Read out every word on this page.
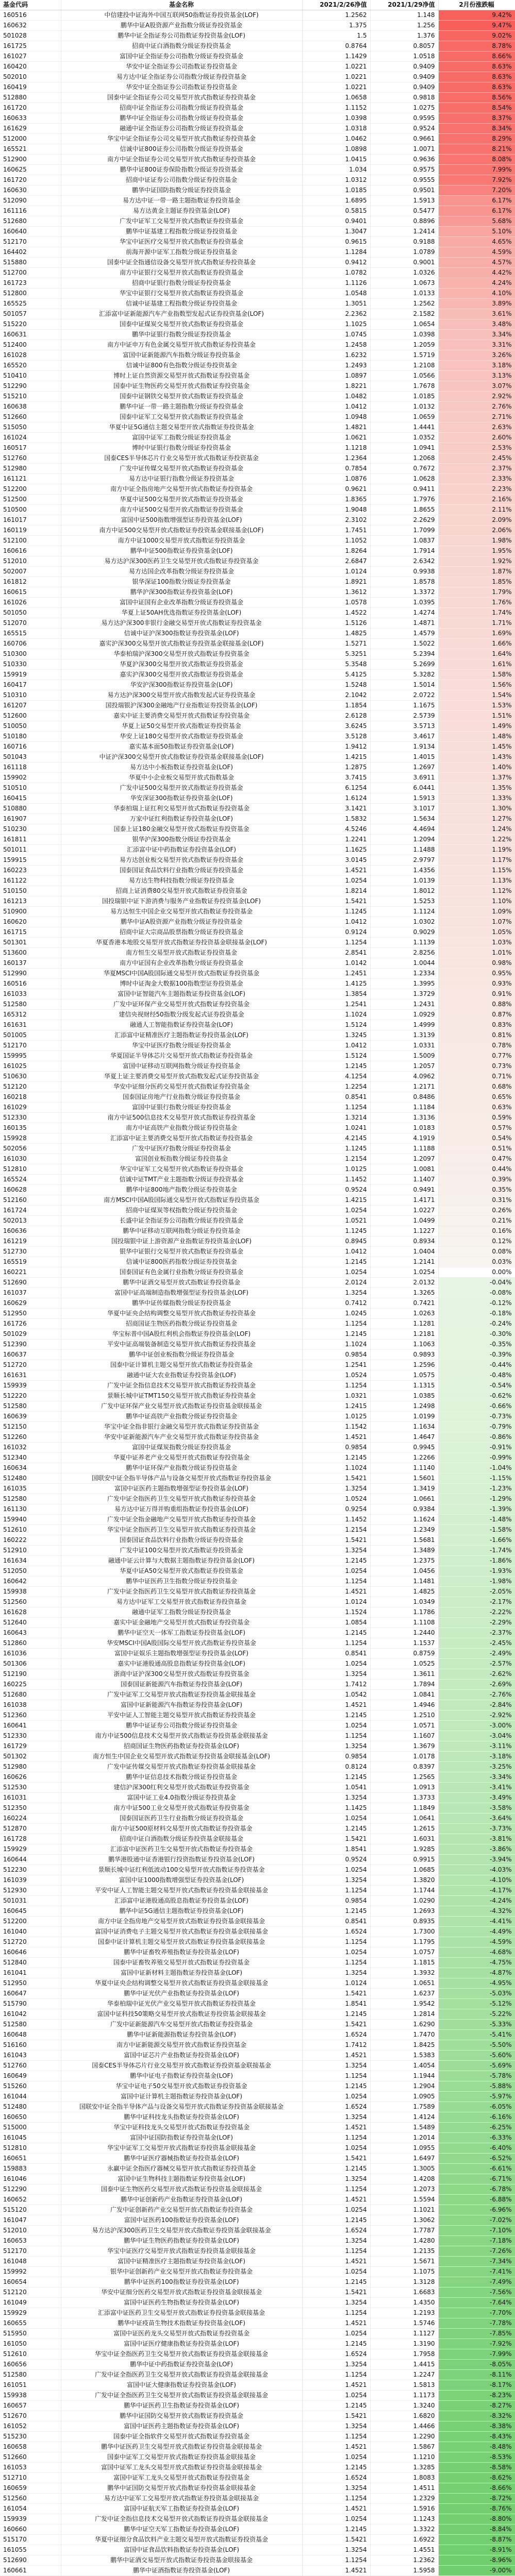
基金代码	基金名称	2021/2/26净值	2021/1/29净值	2月份涨跌幅
160516	中信建投中证海外中国互联网50指数证券投资基金(LOF)	1.2562	1.148	9.42%
160632	鹏华中证A股资源产业指数分级证券投资基金	1.375	1.256	9.47%
501028	鹏华中证全指证券公司指数证券投资基金(LOF)	1.5	1.376	9.02%
161725	招商中证白酒指数分级证券投资基金	0.8764	0.8057	8.78%
161027	富国中证全指证券公司指数分级证券投资基金	1.1429	1.0518	8.66%
160420	华安中证全指证券公司指数证券投资基金	1.0221	0.9409	8.63%
502010	易方达中证全指证券公司指数分级证券投资基金	1.0221	0.9409	8.63%
160419	华安中证全指证券公司指数证券投资基金	1.0221	0.9409	8.63%
512880	国泰中证全指证券公司交易型开放式指数证券投资基金	1.0658	0.9818	8.56%
161720	招商中证全指证券公司指数分级证券投资基金	1.1152	1.0275	8.54%
160633	鹏华中证全指证券公司指数分级证券投资基金	1.0398	0.9595	8.37%
161629	融通中证全指证券公司指数分级证券投资基金	1.0318	0.9524	8.34%
512000	华宝中证全指证券公司交易型开放式指数证券投资基金	1.0462	0.9661	8.29%
165521	信诚中证800证券公司指数分级证券投资基金	1.0898	1.0071	8.21%
512900	南方中证全指证券公司交易型开放式指数证券投资基金	1.0415	0.9636	8.08%
160625	鹏华中证800证券保险指数分级证券投资基金	1.034	0.9575	7.99%
161720	招商中证证券公司指数分级证券投资基金	1.0312	0.9555	7.92%
160630	鹏华中证国防指数分级证券投资基金	1.0185	0.9501	7.20%
512090	易方达中证一带一路主题指数证券投资基金	1.6895	1.5913	6.17%
161116	易方达黄金主题证券投资基金(LOF)	0.5815	0.5477	6.17%
512680	广发中证军工交易型开放式指数证券投资基金	0.9401	0.8896	5.68%
160640	鹏华中证基建工程指数分级证券投资基金	1.3047	1.2414	5.10%
512170	华宝中证医疗交易型开放式指数证券投资基金	0.9615	0.9188	4.65%
164402	前海开源中证军工指数分级证券投资基金	1.1284	1.0789	4.59%
515880	国泰中证全指通信设备交易型开放式指数证券投资基金	0.9412	0.9001	4.57%
512700	南方中证银行交易型开放式指数证券投资基金	1.0782	1.0326	4.42%
161723	招商中证银行指数分级证券投资基金	1.1126	1.0673	4.24%
512800	华宝中证银行交易型开放式指数证券投资基金	1.0548	1.0133	4.10%
165525	信诚中证基建工程指数分级证券投资基金	1.3051	1.2562	3.89%
501057	汇添富中证新能源汽车产业指数型发起式证券投资基金(LOF)	2.2362	2.1582	3.61%
515220	国泰中证煤炭交易型开放式指数证券投资基金	1.1025	1.0654	3.48%
160631	鹏华中证银行指数分级证券投资基金	1.0745	1.0398	3.34%
512400	南方中证申万有色金属交易型开放式指数证券投资基金	1.2458	1.2059	3.31%
161028	富国中证新能源汽车指数分级证券投资基金	1.6232	1.5719	3.26%
165520	信诚中证800有色指数分级证券投资基金	1.2493	1.2108	3.18%
510410	博时上证自然资源交易型开放式指数证券投资基金	1.0897	1.0566	3.13%
512290	国泰中证生物医药交易型开放式指数证券投资基金	1.8221	1.7678	3.07%
515210	国泰中证钢铁交易型开放式指数证券投资基金	1.0482	1.0185	2.92%
160638	鹏华中证一带一路主题指数分级证券投资基金	1.0412	1.0132	2.76%
512660	国泰中证军工交易型开放式指数证券投资基金	1.0948	1.0659	2.71%
515050	华夏中证5G通信主题交易型开放式指数证券投资基金	1.4821	1.4441	2.63%
161024	富国中证军工指数分级证券投资基金	1.0621	1.0352	2.60%
160517	博时中证银行指数分级证券投资基金	1.1218	1.0941	2.53%
512760	国泰CES半导体芯片行业交易型开放式指数证券投资基金	1.2364	1.2068	2.45%
512980	广发中证传媒交易型开放式指数证券投资基金	0.7854	0.7672	2.37%
161121	易方达中证银行指数分级证券投资基金	1.0876	1.0628	2.33%
512200	南方中证全指房地产交易型开放式指数证券投资基金	0.9621	0.9411	2.23%
512500	华夏中证500交易型开放式指数证券投资基金	1.8365	1.7976	2.16%
510500	南方中证500交易型开放式指数证券投资基金	1.9048	1.8655	2.11%
161017	富国中证500指数增强型证券投资基金(LOF)	2.3102	2.2629	2.09%
160119	南方中证500交易型开放式指数证券投资基金联接基金(LOF)	1.7451	1.7099	2.06%
512100	南方中证1000交易型开放式指数证券投资基金	1.1052	1.0837	1.98%
160616	鹏华中证500指数证券投资基金(LOF)	1.8264	1.7914	1.95%
512010	易方达沪深300医药卫生交易型开放式指数证券投资基金	2.6847	2.6342	1.92%
502007	易方达国企改革指数分级证券投资基金	1.0124	0.9938	1.87%
161812	银华深证100指数分级证券投资基金	1.8921	1.8578	1.85%
160615	鹏华沪深300指数证券投资基金(LOF)	1.3612	1.3372	1.79%
161026	富国中证国有企业改革指数分级证券投资基金	1.0578	1.0395	1.76%
501050	华夏上证50AH优选指数证券投资基金(LOF)	1.4522	1.4274	1.74%
512070	易方达沪深300非银行金融交易型开放式指数证券投资基金	1.5126	1.4871	1.71%
165515	信诚中证沪深300指数证券投资基金(LOF)	1.4825	1.4579	1.69%
160706	嘉实沪深300交易型开放式指数证券投资基金联接基金(LOF)	1.5271	1.5022	1.66%
510300	华泰柏瑞沪深300交易型开放式指数证券投资基金	5.3251	5.2394	1.64%
510330	华夏沪深300交易型开放式指数证券投资基金	5.3548	5.2699	1.61%
159919	嘉实沪深300交易型开放式指数证券投资基金	5.4125	5.3282	1.58%
160417	华安沪深300指数证券投资基金(LOF)	1.5248	1.5014	1.56%
510310	易方达沪深300交易型开放式指数发起式证券投资基金	2.1042	2.0722	1.54%
161207	国投瑞银沪深300金融地产行业指数证券投资基金(LOF)	1.1854	1.1675	1.53%
512600	嘉实中证主要消费交易型开放式指数证券投资基金	2.6128	2.5739	1.51%
510050	华夏上证50交易型开放式指数证券投资基金	3.6245	3.5713	1.49%
510180	华安上证180交易型开放式指数证券投资基金	3.5128	3.4617	1.48%
160716	嘉实基本面50指数证券投资基金(LOF)	1.9412	1.9134	1.45%
501043	中证沪深300交易型开放式指数证券投资基金联接基金(LOF)	1.4215	1.4015	1.43%
161118	易方达中小板指数证券投资基金(LOF)	1.2875	1.2697	1.40%
159902	华夏中小企业板交易型开放式指数基金	3.7415	3.6911	1.37%
510510	广发中证500交易型开放式指数证券投资基金	6.1254	6.0441	1.35%
160415	华安深证300指数证券投资基金(LOF)	1.6124	1.5913	1.33%
510880	华泰柏瑞上证红利交易型开放式指数证券投资基金	3.1421	3.1017	1.30%
161907	万家中证红利指数证券投资基金(LOF)	1.5832	1.5634	1.27%
510230	国泰上证180金融交易型开放式指数证券投资基金	4.5246	4.4694	1.24%
161811	银华沪深300指数分级证券投资基金	1.2241	1.2094	1.22%
501011	汇添富中证中药指数证券投资基金(LOF)	1.1625	1.1488	1.19%
159915	易方达创业板交易型开放式指数证券投资基金	3.0145	2.9797	1.17%
160223	国泰国证食品饮料行业指数分级证券投资基金	1.4521	1.4356	1.15%
161122	易方达生物科技指数分级证券投资基金	1.0254	1.0139	1.13%
510150	招商上证消费80交易型开放式指数证券投资基金	1.8214	1.8012	1.12%
161213	国投瑞银中证下游消费与服务产业指数证券投资基金(LOF)	1.5421	1.5253	1.10%
510900	易方达恒生中国企业交易型开放式指数证券投资基金	1.1245	1.1124	1.09%
160620	鹏华中证A股资源产业指数分级证券投资基金	1.0412	1.0302	1.07%
161715	招商中证大宗商品股票指数分级证券投资基金	0.9124	0.9029	1.05%
501301	华夏香港本地股交易型开放式指数证券投资基金联接基金(LOF)	1.1254	1.1139	1.03%
513600	南方恒生交易型开放式指数证券投资基金	2.8541	2.8256	1.01%
160137	南方中证国有企业改革指数分级证券投资基金	1.0142	1.0044	0.98%
512990	华夏MSCI中国A股国际通交易型开放式指数证券投资基金	1.2451	1.2334	0.95%
160516	博时中证淘金大数据100指数型证券投资基金	1.4125	1.3995	0.93%
161033	富国中证智能汽车主题指数证券投资基金(LOF)	1.3854	1.3729	0.91%
512580	广发中证环保产业交易型开放式指数证券投资基金	1.2541	1.2431	0.88%
165312	建信央视财经50指数分级发起式证券投资基金	1.1024	1.0929	0.87%
161631	融通人工智能指数证券投资基金(LOF)	1.5124	1.4999	0.83%
501005	汇添富中证精准医疗主题指数证券投资基金(LOF)	1.3245	1.3139	0.81%
512170	华宝中证医疗指数分级证券投资基金	1.0412	1.0331	0.78%
159995	华夏国证半导体芯片交易型开放式指数证券投资基金	1.5124	1.5009	0.77%
161025	富国中证移动互联网指数分级证券投资基金	1.2145	1.2057	0.73%
510630	华夏上证主要消费交易型开放式指数发起式证券投资基金	4.1254	4.0962	0.71%
512120	华安中证细分医药交易型开放式指数证券投资基金	1.2254	1.2171	0.68%
160218	国泰国证房地产行业指数分级证券投资基金	0.8541	0.8486	0.65%
161029	富国中证银行指数分级证券投资基金	1.1254	1.1184	0.63%
512330	南方中证500信息技术交易型开放式指数证券投资基金	1.3214	1.3136	0.59%
160135	南方中证高铁产业指数分级证券投资基金	1.0241	1.0183	0.57%
159928	汇添富中证主要消费交易型开放式指数证券投资基金	4.2145	4.1919	0.54%
502056	广发中证医疗指数分级证券投资基金	1.1245	1.1188	0.51%
161030	富国创业板指数分级证券投资基金	1.2154	1.2097	0.47%
512810	华宝中证军工交易型开放式指数证券投资基金	1.0125	1.0081	0.44%
165524	信诚中证TMT产业主题指数分级证券投资基金	1.1452	1.1407	0.39%
160628	鹏华中证800地产指数分级证券投资基金	0.9524	0.9491	0.35%
512160	南方MSCI中国A股国际通交易型开放式指数证券投资基金	1.4215	1.4171	0.31%
161724	招商中证煤炭等权指数分级证券投资基金	1.0254	1.0227	0.26%
502013	长盛中证全指证券公司指数分级证券投资基金	1.0521	1.0499	0.21%
160636	鹏华中证移动互联网指数分级证券投资基金	1.1245	1.1227	0.16%
161219	国投瑞银中证上游资源产业指数证券投资基金(LOF)	0.8945	0.8934	0.12%
512730	银华中证银行交易型开放式指数证券投资基金	1.0412	1.0404	0.08%
165519	信诚中证800医药指数分级证券投资基金	1.2145	1.2141	0.03%
160221	国泰国证有色金属行业指数分级证券投资基金	1.0254	1.0254	0.00%
512690	鹏华中证酒交易型开放式指数证券投资基金	2.0124	2.0132	-0.04%
161037	富国中证高端制造指数增强型证券投资基金(LOF)	1.3254	1.3265	-0.08%
160629	鹏华中证传媒指数分级证券投资基金	0.7412	0.7421	-0.12%
512950	华夏中证央企结构调整交易型开放式指数证券投资基金	1.0245	1.0263	-0.18%
161726	招商国证生物医药指数分级证券投资基金	1.1254	1.1281	-0.24%
501029	华宝标普中国A股红利机会指数证券投资基金(LOF)	1.2145	1.2181	-0.30%
512390	平安中证高端装备制造交易型开放式指数证券投资基金	1.1024	1.1063	-0.35%
160637	鹏华中证创业板指数分级证券投资基金	0.9854	0.9893	-0.39%
512720	国泰中证计算机主题交易型开放式指数证券投资基金	1.2541	1.2596	-0.44%
161631	融通中证大农业指数证券投资基金(LOF)	1.0524	1.0575	-0.48%
159939	广发中证全指信息技术交易型开放式指数证券投资基金	1.1254	1.1315	-0.54%
512220	景顺长城中证TMT150交易型开放式指数证券投资基金	1.0321	1.0385	-0.62%
512580	广发中证环保产业交易型开放式指数证券投资基金联接基金	1.2415	1.2498	-0.66%
160639	鹏华中证高铁产业指数分级证券投资基金	1.0125	1.0199	-0.73%
512150	华宝中证全指非银行金融交易型开放式指数证券投资基金	1.1542	1.1634	-0.79%
512260	华安中证新能源汽车产业交易型开放式指数证券投资基金	1.4521	1.4647	-0.86%
161032	富国中证煤炭指数分级证券投资基金	0.9854	0.9945	-0.91%
512340	华夏中证养老产业交易型开放式指数证券投资基金	1.2145	1.2266	-0.99%
160634	鹏华中证环保产业指数分级证券投资基金	1.1024	1.1140	-1.04%
512480	国联安中证全指半导体产品与设备交易型开放式指数证券投资基金	1.5421	1.5601	-1.15%
161035	富国中证医药主题指数增强型证券投资基金(LOF)	1.3254	1.3419	-1.23%
512580	广发中证全指医药卫生交易型开放式指数证券投资基金	1.0524	1.0661	-1.29%
161130	易方达中证万得并购重组指数证券投资基金(LOF)	0.9254	0.9384	-1.39%
159940	广发中证全指金融地产交易型开放式指数证券投资基金	1.1452	1.1624	-1.48%
512610	华宝中证全指医药卫生交易型开放式指数证券投资基金	1.2154	1.2349	-1.58%
160222	国泰国证食品饮料行业指数分级证券投资基金	1.5421	1.5681	-1.66%
512910	广发中证100交易型开放式指数证券投资基金	1.3254	1.3489	-1.74%
161634	融通中证云计算与大数据主题指数证券投资基金(LOF)	1.2145	1.2375	-1.86%
512050	华夏中证A50交易型开放式指数证券投资基金	1.0254	1.0456	-1.93%
160642	鹏华中证医药卫生指数分级证券投资基金	1.1254	1.1481	-1.98%
159938	广发中证全指医药卫生交易型开放式指数证券投资基金	1.4521	1.4825	-2.05%
512560	易方达中证军工交易型开放式指数证券投资基金	1.0124	1.0349	-2.17%
161628	融通中证军工指数分级证券投资基金	1.1524	1.1786	-2.22%
512640	嘉实中证金融地产交易型开放式指数证券投资基金	1.0854	1.1108	-2.29%
160643	鹏华中证空天一体军工指数证券投资基金(LOF)	1.2145	1.2440	-2.37%
512860	华安MSCI中国A股国际交易型开放式指数证券投资基金	1.1254	1.1537	-2.45%
161036	富国中证娱乐主题指数增强型证券投资基金(LOF)	0.8541	0.8759	-2.49%
501306	嘉实中证港股通高股息指数证券投资基金(LOF)	1.0254	1.0525	-2.57%
512190	浙商中证沪深300交易型开放式指数证券投资基金	1.3254	1.3611	-2.62%
160225	国泰国证新能源汽车指数证券投资基金(LOF)	1.7412	1.7894	-2.69%
512680	广发中证军工交易型开放式指数证券投资基金联接基金	1.0542	1.0841	-2.76%
161038	富国中证新能源汽车指数证券投资基金(LOF)	1.4521	1.4946	-2.84%
512360	平安中证人工智能主题交易型开放式指数证券投资基金	1.2145	1.2510	-2.92%
160641	鹏华中证证券公司指数分级证券投资基金	1.0254	1.0571	-3.00%
512330	南方中证500信息技术交易型开放式指数证券投资基金联接基金	1.1254	1.1607	-3.04%
161729	招商国证生物医药指数证券投资基金(LOF)	1.3254	1.3679	-3.11%
501302	南方恒生中国企业交易型开放式指数证券投资基金联接基金(LOF)	0.9854	1.0178	-3.18%
512980	广发中证传媒交易型开放式指数证券投资基金联接基金	0.8124	0.8397	-3.25%
160626	鹏华中证信息技术指数分级证券投资基金	1.2145	1.2565	-3.34%
512530	建信沪深300红利交易型开放式指数证券投资基金	1.0541	1.0913	-3.41%
161031	富国中证工业4.0指数分级证券投资基金	1.3254	1.3733	-3.49%
512350	南方中证500工业交易型开放式指数证券投资基金	1.1425	1.1849	-3.58%
160224	国泰国证医药卫生行业指数分级证券投资基金	1.0254	1.0641	-3.64%
512870	南方中证500原材料交易型开放式指数证券投资基金	1.2145	1.2615	-3.73%
161728	招商中证白酒指数分级证券投资基金联接基金	1.5421	1.6031	-3.81%
159929	汇添富中证医药卫生交易型开放式指数证券投资基金	1.8541	1.9285	-3.86%
160644	鹏华港股通中证香港银行投资指数证券投资基金(LOF)	0.9524	0.9915	-3.94%
512230	景顺长城中证红利低波动100交易型开放式指数证券投资基金	1.0254	1.0685	-4.03%
161039	富国中证1000指数增强型证券投资基金(LOF)	1.3254	1.3820	-4.10%
512930	平安中证人工智能主题交易型开放式指数证券投资基金联接基金	1.1254	1.1744	-4.17%
501031	汇添富中证港股通高股息指数证券投资基金(LOF)	0.9854	1.0290	-4.24%
160645	鹏华中证5G通信主题指数证券投资基金(LOF)	1.2145	1.2693	-4.32%
512200	南方中证全指房地产交易型开放式指数证券投资基金联接基金	0.8541	0.8935	-4.41%
161040	富国中证消费电子主题交易型开放式指数证券投资基金联接基金	1.6524	1.7300	-4.49%
512720	国泰中证计算机主题交易型开放式指数证券投资基金联接基金	1.1254	1.1795	-4.59%
160646	鹏华中证畜牧养殖指数证券投资基金(LOF)	1.0254	1.0757	-4.68%
512840	国泰中证畜牧养殖交易型开放式指数证券投资基金	1.1254	1.1815	-4.75%
161041	富国中证新材料主题指数证券投资基金(LOF)	1.3254	1.3932	-4.87%
512950	华夏中证央企结构调整交易型开放式指数证券投资基金联接基金	1.0124	1.0651	-4.95%
160647	鹏华中证光伏产业指数证券投资基金(LOF)	1.5421	1.6237	-5.03%
515790	华泰柏瑞中证光伏产业交易型开放式指数证券投资基金	1.8541	1.9542	-5.12%
161042	富国中证科技50策略交易型开放式指数证券投资基金联接基金	1.2145	1.2814	-5.22%
512580	广发中证新能源汽车交易型开放式指数证券投资基金	1.5421	1.6290	-5.33%
160648	鹏华中证新能源指数证券投资基金(LOF)	1.6524	1.7470	-5.41%
516160	南方中证新能源交易型开放式指数证券投资基金	1.7412	1.8425	-5.50%
161043	富国中证芯片产业指数证券投资基金(LOF)	1.4521	1.5383	-5.60%
512760	国泰CES半导体芯片行业交易型开放式指数证券投资基金联接基金	1.3254	1.4054	-5.69%
160649	鹏华中证电子指数证券投资基金(LOF)	1.1254	1.1944	-5.78%
515260	华宝中证电子50交易型开放式指数证券投资基金	1.2145	1.2904	-5.88%
161044	富国中证计算机主题指数证券投资基金(LOF)	1.0254	1.0905	-5.97%
512480	国联安中证全指半导体产品与设备交易型开放式指数证券投资基金联接基金	1.6524	1.7589	-6.05%
160650	鹏华中证科技龙头指数证券投资基金(LOF)	1.3254	1.4124	-6.16%
515000	华宝中证科技龙头交易型开放式指数证券投资基金	1.4521	1.5489	-6.25%
161045	富国中证国防指数证券投资基金(LOF)	1.1254	1.2014	-6.33%
512810	华宝中证军工交易型开放式指数证券投资基金联接基金	1.0254	1.0955	-6.40%
160651	鹏华中证医疗器械指数证券投资基金(LOF)	1.5421	1.6497	-6.52%
159883	永赢中证全指医疗器械交易型开放式指数证券投资基金	1.2145	1.3005	-6.61%
161046	富国中证生物科技主题指数证券投资基金(LOF)	1.3254	1.4208	-6.71%
512290	国泰中证生物医药交易型开放式指数证券投资基金联接基金	1.1254	1.2073	-6.78%
160652	鹏华中证创新药产业指数证券投资基金(LOF)	1.4521	1.5594	-6.88%
515120	广发中证创新药产业交易型开放式指数证券投资基金	1.0254	1.1021	-6.96%
161047	富国中证医药100指数证券投资基金(LOF)	1.2145	1.3062	-7.02%
512010	易方达沪深300医药卫生交易型开放式指数证券投资基金联接基金	1.6524	1.7787	-7.10%
160653	鹏华中证生物医药指数证券投资基金(LOF)	1.3254	1.4280	-7.18%
512170	华宝中证医疗交易型开放式指数证券投资基金联接基金	1.1254	1.2135	-7.26%
161048	富国中证精准医疗主题指数证券投资基金(LOF)	1.4521	1.5671	-7.34%
159992	银华中证创新药产业交易型开放式指数证券投资基金	1.0254	1.1075	-7.41%
160654	鹏华中证医药100指数证券投资基金(LOF)	1.2145	1.3128	-7.49%
512120	华安中证细分医药交易型开放式指数证券投资基金联接基金	1.5421	1.6683	-7.56%
161049	富国中证医药生物指数证券投资基金(LOF)	1.3254	1.4350	-7.64%
159929	汇添富中证医药卫生交易型开放式指数证券投资基金联接基金	1.1254	1.2193	-7.70%
160655	鹏华中证疫苗生物技术指数证券投资基金(LOF)	1.4521	1.5746	-7.78%
515950	富国中证医药龙头交易型开放式指数证券投资基金	1.0254	1.1127	-7.85%
161050	富国中证医疗健康指数证券投资基金(LOF)	1.2145	1.3190	-7.92%
512610	华宝中证全指医药卫生交易型开放式指数证券投资基金联接基金	1.6524	1.7958	-7.99%
160656	鹏华中证中药指数证券投资基金(LOF)	1.3254	1.4415	-8.05%
512580	广发中证全指医药卫生交易型开放式指数证券投资基金联接基金	1.1254	1.2247	-8.11%
161051	富国中证大健康指数证券投资基金(LOF)	1.4521	1.5813	-8.17%
159938	广发中证全指医药卫生交易型开放式指数证券投资基金联接基金	1.0254	1.1173	-8.23%
160657	鹏华中证医药卫生指数证券投资基金(LOF)	1.2145	1.3240	-8.27%
512670	鹏华中证国防交易型开放式指数证券投资基金	1.5421	1.6820	-8.32%
161052	富国中证医药主题指数证券投资基金(LOF)	1.3254	1.4466	-8.38%
515230	国泰中证全指软件交易型开放式指数证券投资基金	1.1254	1.2290	-8.43%
160658	鹏华中证医药卫生交易型开放式指数证券投资基金联接基金	1.4521	1.5867	-8.48%
512660	国泰中证军工交易型开放式指数证券投资基金联接基金	1.0254	1.1210	-8.53%
161053	富国中证军工龙头交易型开放式指数证券投资基金联接基金	1.2145	1.3285	-8.58%
512710	富国中证军工龙头交易型开放式指数证券投资基金	1.6524	1.8083	-8.62%
160659	鹏华中证国防交易型开放式指数证券投资基金联接基金	1.3254	1.4511	-8.66%
512560	易方达中证军工交易型开放式指数证券投资基金联接基金	1.1254	1.2329	-8.72%
161054	富国中证航天军工指数证券投资基金(LOF)	1.4521	1.5916	-8.76%
159939	广发中证全指信息技术交易型开放式指数证券投资基金联接基金	1.0254	1.1243	-8.80%
160660	鹏华中证空天军工指数证券投资基金(LOF)	1.2145	1.3322	-8.84%
515170	华夏中证细分食品饮料产业主题交易型开放式指数证券投资基金	1.5421	1.6922	-8.87%
161055	富国中证食品饮料指数证券投资基金(LOF)	1.3254	1.4551	-8.91%
512690	鹏华中证酒交易型开放式指数证券投资基金联接基金	1.1254	1.2362	-8.96%
160661	鹏华中证酒指数证券投资基金(LOF)	1.4521	1.5958	-9.00%
